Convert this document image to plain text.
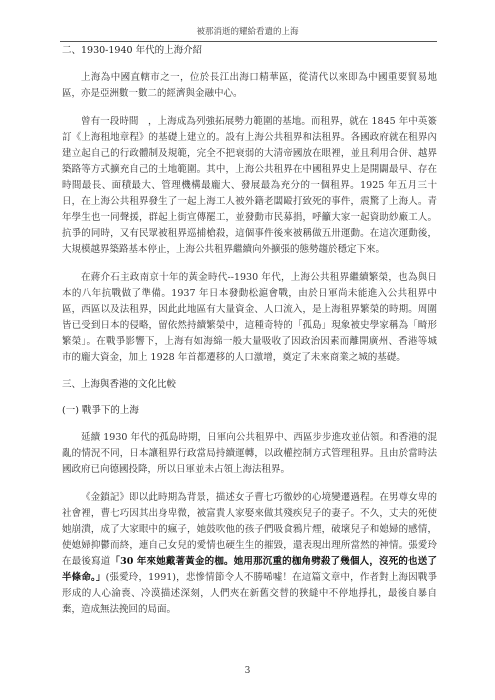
被那消逝的耀給看遺的上海

二、1930-1940 年代的上海介紹

上海為中國直轄市之一，位於長江出海口精華區，從清代以來即為中國重要貿易地區，亦是亞洲數一數二的經濟與金融中心。

曾有一段時間　，上海成為列強拓展勢力範圍的基地。而租界，就在 1845 年中英簽訂《上海租地章程》的基礎上建立的。設有上海公共租界和法租界。各國政府就在租界內建立起自己的行政體制及規範，完全不把衰弱的大清帝國放在眼裡，並且利用合併、越界築路等方式擴充自己的土地範圍。其中，上海公共租界在中國租界史上是開闢最早、存在時間最長、面積最大、管理機構最龐大、發展最為充分的一個租界。1925 年五月三十日，在上海公共租界發生了一起上海工人被外籍老闆毆打致死的事件，震驚了上海人。青年學生也一同聲援，群起上街宣傳罷工，並發動市民募捐，呼籲大家一起資助紗廠工人。抗爭的同時，又有民眾被租界巡捕槍殺，這個事件後來被稱做五卅運動。在這次運動後，大規模越界築路基本停止，上海公共租界繼續向外擴張的態勢趨於穩定下來。

在蔣介石主政南京十年的黃金時代--1930 年代，上海公共租界繼續繁榮，也為與日本的八年抗戰做了準備。1937 年日本發動松滬會戰，由於日軍尚未能進入公共租界中區，西區以及法租界，因此此地區有大量資金、人口流入，是上海租界繁榮的時期。周圍皆已受到日本的侵略，留依然持續繁榮中，這種奇特的「孤島」現象被史學家稱為「畸形繁榮」。在戰爭影響下，上海有如海綿一般大量吸收了因政治因素而離開廣州、香港等城市的龐大資金，加上 1928 年首都遷移的人口激增，奠定了未來商業之城的基礎。

三、上海與香港的文化比較

(一) 戰爭下的上海

延續 1930 年代的孤島時期，日軍向公共租界中、西區步步進攻並佔領。和香港的混亂的情況不同，日本讓租界行政當局持續運轉，以政權控制方式管理租界。且由於當時法國政府已向德國投降，所以日軍並未占領上海法租界。

《金鎖記》即以此時期為背景，描述女子曹七巧徹妙的心境變遷過程。在男尊女卑的社會裡，曹七巧因其出身卑微，被富貴人家娶來做其殘疾兒子的妻子。不久，丈夫的死使她崩潰，成了大家眼中的瘋子，她鼓吹他的孩子們吸食鴉片煙，破壞兒子和媳婦的感情，使媳婦抑鬱而終，連自己女兒的愛情也硬生生的摧毀，還表現出理所當然的神情。張愛玲在最後寫道「30 年來她戴著黃金的枷。她用那沉重的枷角劈殺了幾個人，沒死的也送了半條命。」(張愛玲，1991)，悲慘情節令人不勝唏噓！在這篇文章中，作者對上海因戰爭形成的人心淪喪、冷漠描述深刻，人們夾在新舊交替的狹縫中不停地掙扎，最後自暴自棄，造成無法挽回的局面。

3
